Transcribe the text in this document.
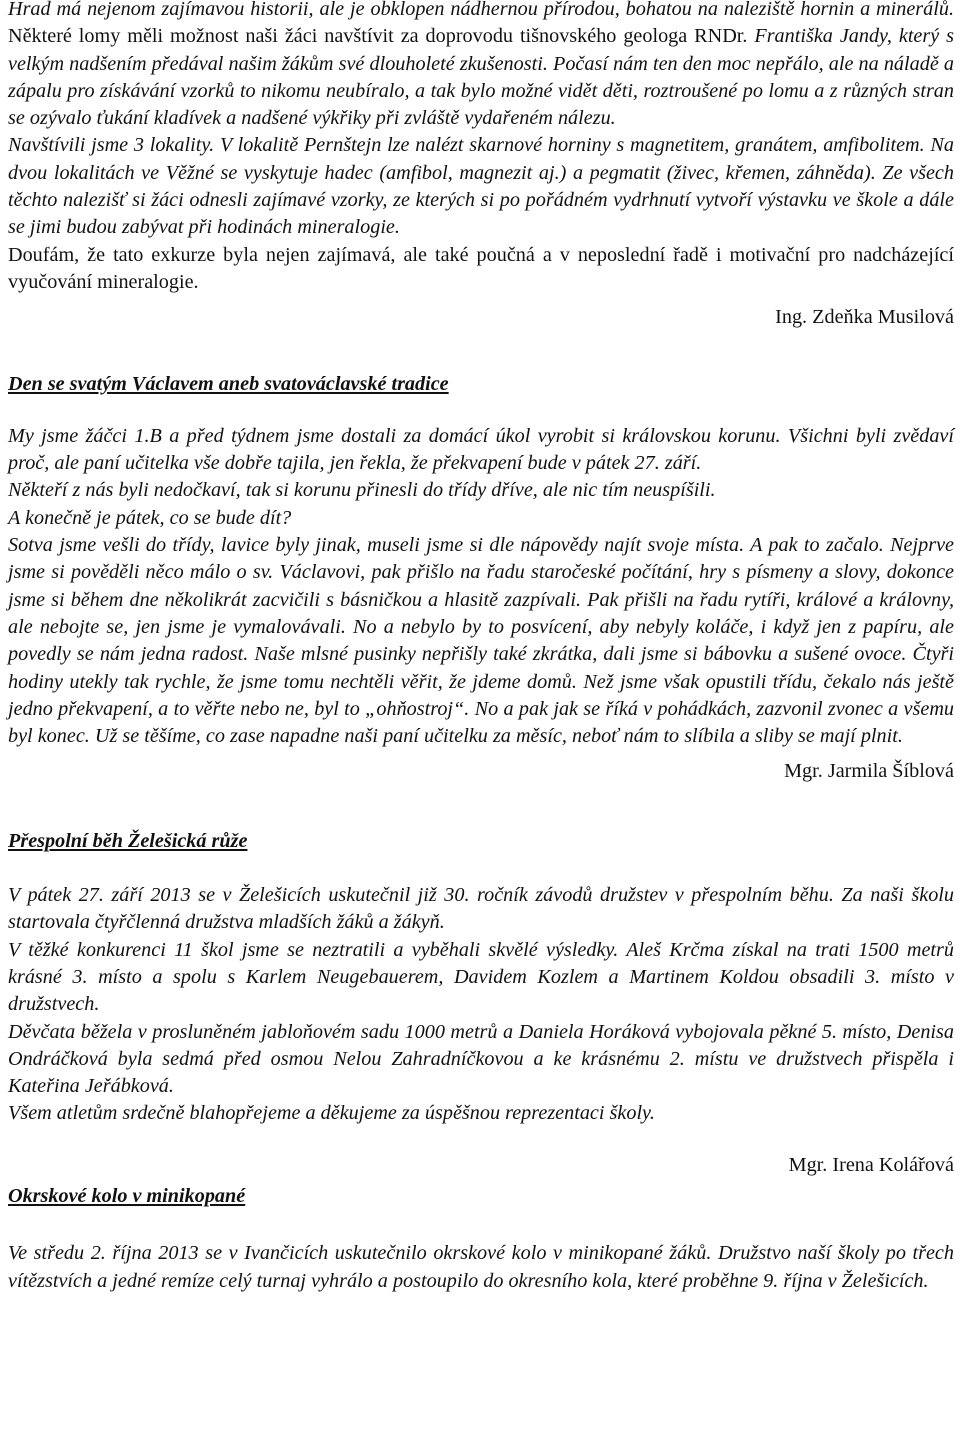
Hrad má nejenom zajímavou historii, ale je obklopen nádhernou přírodou, bohatou na naleziště hornin a minerálů. Některé lomy měli možnost naši žáci navštívit za doprovodu tišnovského geologa RNDr. Františka Jandy, který s velkým nadšením předával našim žákům své dlouholeté zkušenosti. Počasí nám ten den moc nepřálo, ale na náladě a zápalu pro získávání vzorků to nikomu neubíralo, a tak bylo možné vidět děti, roztroušené po lomu a z různých stran se ozývalo ťukání kladívek a nadšené výkřiky při zvláště vydařeném nálezu.

Navštívili jsme 3 lokality. V lokalitě Pernštejn lze nalézt skarnové horniny s magnetitem, granátem, amfibolitem. Na dvou lokalitách ve Věžné se vyskytuje hadec (amfibol, magnezit aj.) a pegmatit (živec, křemen, záhněda). Ze všech těchto nalezišť si žáci odnesli zajímavé vzorky, ze kterých si po pořádném vydrhnutí vytvoří výstavku ve škole a dále se jimi budou zabývat při hodinách mineralogie.

Doufám, že tato exkurze byla nejen zajímavá, ale také poučná a v neposlední řadě i motivační pro nadcházející vyučování mineralogie.

Ing. Zdeňka Musilová
Den se svatým Václavem aneb svatováclavské tradice

My jsme žáčci 1.B a před týdnem jsme dostali za domácí úkol vyrobit si královskou korunu. Všichni byli zvědaví proč, ale paní učitelka vše dobře tajila, jen řekla, že překvapení bude v pátek 27. září.

Někteří z nás byli nedočkaví, tak si korunu přinesli do třídy dříve, ale nic tím neuspíšili.

A konečně je pátek, co se bude dít?

Sotva jsme vešli do třídy, lavice byly jinak, museli jsme si dle nápovědy najít svoje místa. A pak to začalo. Nejprve jsme si pověděli něco málo o sv. Václavovi, pak přišlo na řadu staročeské počítání, hry s písmeny a slovy, dokonce jsme si během dne několikrát zacvičili s básničkou a hlasitě zazpívali. Pak přišli na řadu rytíři, králové a královny, ale nebojte se, jen jsme je vymalovávali. No a nebylo by to posvícení, aby nebyly koláče, i když jen z papíru, ale povedly se nám jedna radost. Naše mlsné pusinky nepřišly také zkrátka, dali jsme si bábovku a sušené ovoce. Čtyři hodiny utekly tak rychle, že jsme tomu nechtěli věřit, že jdeme domů. Než jsme však opustili třídu, čekalo nás ještě jedno překvapení, a to věřte nebo ne, byl to „ohňostroj“. No a pak jak se říká v pohádkách, zazvonil zvonec a všemu byl konec. Už se těšíme, co zase napadne naši paní učitelku za měsíc, neboť nám to slíbila a sliby se mají plnit.

Mgr. Jarmila Šíblová
Přespolní běh Želešická růže

V pátek 27. září 2013 se v Želešicích uskutečnil již 30. ročník závodů družstev v přespolním běhu. Za naši školu startovala čtyřčlenná družstva mladších žáků a žákyň.

V těžké konkurenci 11 škol jsme se neztratili a vyběhali skvělé výsledky. Aleš Krčma získal na trati 1500 metrů krásné 3. místo a spolu s Karlem Neugebauerem, Davidem Kozlem a Martinem Koldou obsadili 3. místo v družstvech.

Děvčata běžela v prosluněném jabloňovém sadu 1000 metrů a Daniela Horáková vybojovala pěkné 5. místo, Denisa Ondráčková byla sedmá před osmou Nelou Zahradníčkovou a ke krásnému 2. místu ve družstvech přispěla i Kateřina Jeřábková.

Všem atletům srdečně blahopřejeme a děkujeme za úspěšnou reprezentaci školy.

Mgr. Irena Kolářová
Okrskové kolo v minikopané

Ve středu 2. října 2013 se v Ivančicích uskutečnilo okrskové kolo v minikopané žáků. Družstvo naší školy po třech vítězstvích a jedné remíze celý turnaj vyhrálo a postoupilo do okresního kola, které proběhne 9. října v Želešicích.
